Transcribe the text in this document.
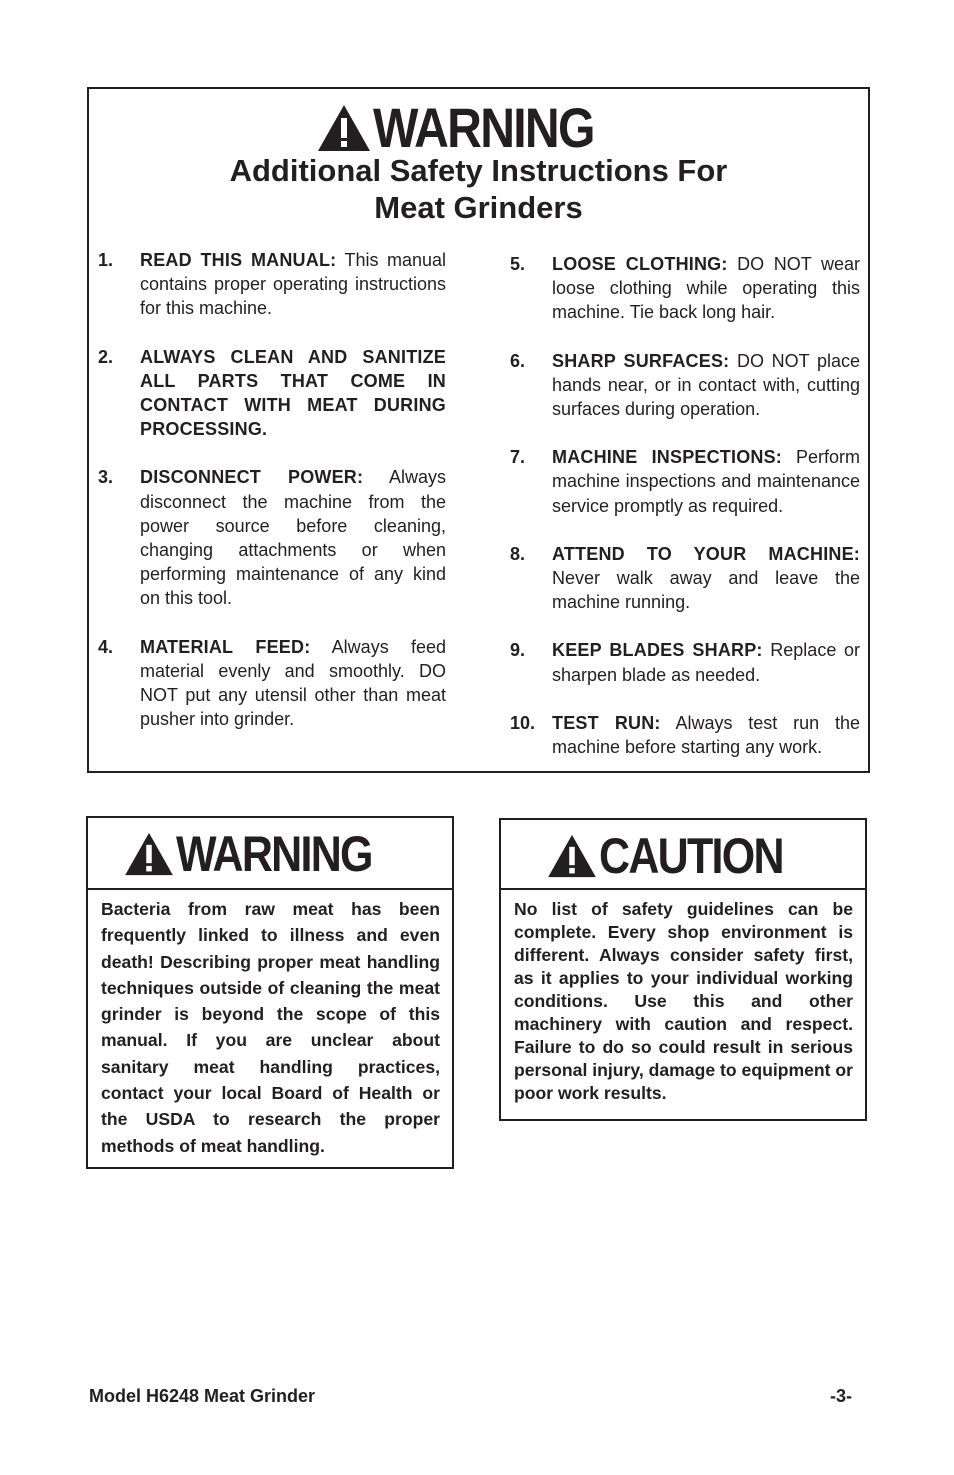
WARNING
Additional Safety Instructions For
Meat Grinders
1. READ THIS MANUAL: This manual contains proper operating instructions for this machine.
2. ALWAYS CLEAN AND SANITIZE ALL PARTS THAT COME IN CONTACT WITH MEAT DURING PROCESSING.
3. DISCONNECT POWER: Always disconnect the machine from the power source before cleaning, changing attachments or when performing maintenance of any kind on this tool.
4. MATERIAL FEED: Always feed material evenly and smoothly. DO NOT put any utensil other than meat pusher into grinder.
5. LOOSE CLOTHING: DO NOT wear loose clothing while operating this machine. Tie back long hair.
6. SHARP SURFACES: DO NOT place hands near, or in contact with, cutting surfaces during operation.
7. MACHINE INSPECTIONS: Perform machine inspections and maintenance service promptly as required.
8. ATTEND TO YOUR MACHINE: Never walk away and leave the machine running.
9. KEEP BLADES SHARP: Replace or sharpen blade as needed.
10. TEST RUN: Always test run the machine before starting any work.
WARNING
Bacteria from raw meat has been frequently linked to illness and even death! Describing proper meat handling techniques outside of cleaning the meat grinder is beyond the scope of this manual. If you are unclear about sanitary meat handling practices, contact your local Board of Health or the USDA to research the proper methods of meat handling.
CAUTION
No list of safety guidelines can be complete. Every shop environment is different. Always consider safety first, as it applies to your individual working conditions. Use this and other machinery with caution and respect. Failure to do so could result in serious personal injury, damage to equipment or poor work results.
Model H6248 Meat Grinder	-3-
